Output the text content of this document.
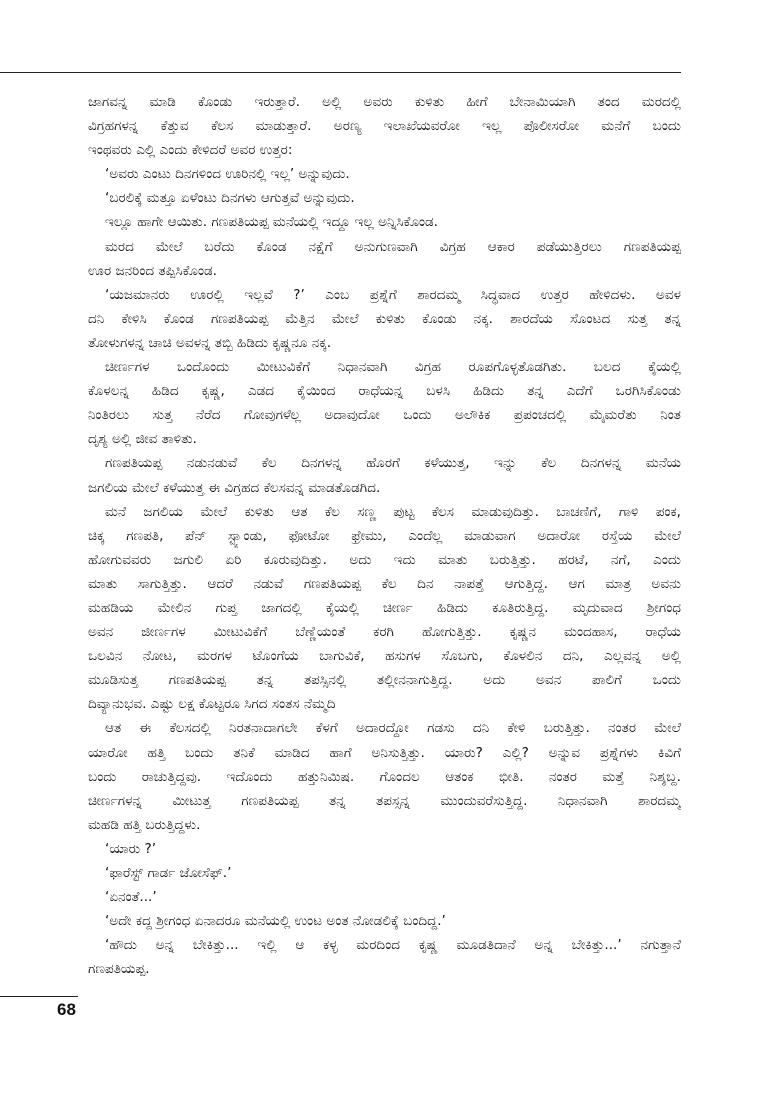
ಜಾಗವನ್ನ ಮಾಡಿ ಕೊಂಡು ಇರುತ್ತಾರೆ. ಅಲ್ಲಿ ಅವರು ಕುಳಿತು ಹೀಗೆ ಬೇನಾಮಿಯಾಗಿ ತಂದ ಮರದಲ್ಲಿ
ವಿಗ್ರಹಗಳನ್ನ ಕೆತ್ತುವ ಕೆಲಸ ಮಾಡುತ್ತಾರೆ. ಅರಣ್ಯ ಇಲಾಖೆಯವರೋ ಇಲ್ಲ ಪೊಲೀಸರೋ ಮನೆಗೆ ಬಂದು
ಇಂಥವರು ಎಲ್ಲಿ ಎಂದು ಕೇಳಿದರೆ ಅವರ ಉತ್ತರ:
‘ಅವರು ಎಂಟು ದಿನಗಳಿಂದ ಊರಿನಲ್ಲಿ ಇಲ್ಲ’ ಅನ್ನುವುದು.
‘ಬರಲಿಕ್ಕೆ ಮತ್ತೂ ಏಳೆಂಟು ದಿನಗಳು ಆಗುತ್ತವೆ ಅನ್ನುವುದು.
ಇಲ್ಲೂ ಹಾಗೇ ಆಯಿತು. ಗಣಪತಿಯಪ್ಪ ಮನೆಯಲ್ಲಿ ಇದ್ದೂ ಇಲ್ಲ ಅನ್ನಿಸಿಕೊಂಡ.
ಮರದ ಮೇಲೆ ಬರೆದು ಕೊಂಡ ನಕ್ಷೆಗೆ ಅನುಗುಣವಾಗಿ ವಿಗ್ರಹ ಆಕಾರ ಪಡೆಯುತ್ತಿರಲು ಗಣಪತಿಯಪ್ಪ
ಊರ ಜನರಿಂದ ತಪ್ಪಿಸಿಕೊಂಡ.
‘ಯಜಮಾನರು ಊರಲ್ಲಿ ಇಲ್ಲವೆ ?’ ಎಂಬ ಪ್ರಶ್ನೆಗೆ ಶಾರದಮ್ಮ ಸಿದ್ಧವಾದ ಉತ್ತರ ಹೇಳಿದಳು. ಅವಳ
ದನಿ ಕೇಳಿಸಿ ಕೊಂಡ ಗಣಪತಿಯಪ್ಪ ಮೆತ್ತಿನ ಮೇಲೆ ಕುಳಿತು ಕೊಂಡು ನಕ್ಕ. ಶಾರದೆಯ ಸೊಂಟದ ಸುತ್ತ ತನ್ನ
ತೋಳುಗಳನ್ನ ಚಾಚಿ ಅವಳನ್ನ ತಬ್ಬಿ ಹಿಡಿದು ಕೃಷ್ಣನೂ ನಕ್ಕ.
ಚೀರ್ಣಗಳ ಒಂದೊಂದು ಮೀಟುವಿಕೆಗೆ ನಿಧಾನವಾಗಿ ವಿಗ್ರಹ ರೂಪಗೊಳ್ಳತೊಡಗಿತು. ಬಲದ ಕೈಯಲ್ಲಿ
ಕೊಳಲನ್ನ ಹಿಡಿದ ಕೃಷ್ಣ, ಎಡದ ಕೈಯಿಂದ ರಾಧೆಯನ್ನ ಬಳಸಿ ಹಿಡಿದು ತನ್ನ ಎದೆಗೆ ಒರಗಿಸಿಕೊಂಡು
ನಿಂತಿರಲು ಸುತ್ತ ನೆರೆದ ಗೋವುಗಳೆಲ್ಲ ಅದಾವುದೋ ಒಂದು ಅಲೌಕಿಕ ಪ್ರಪಂಚದಲ್ಲಿ ಮೈಮರೆತು ನಿಂತ
ದೃಶ್ಯ ಅಲ್ಲಿ ಜೀವ ತಾಳಿತು.
ಗಣಪತಿಯಪ್ಪ ನಡುನಡುವೆ ಕೆಲ ದಿನಗಳನ್ನ ಹೊರಗೆ ಕಳೆಯುತ್ತ, ಇನ್ನು ಕೆಲ ದಿನಗಳನ್ನ ಮನೆಯ
ಜಗಲಿಯ ಮೇಲೆ ಕಳೆಯುತ್ತ ಈ ವಿಗ್ರಹದ ಕೆಲಸವನ್ನ ಮಾಡತೊಡಗಿದ.
ಮನೆ ಜಗಲಿಯ ಮೇಲೆ ಕುಳಿತು ಆತ ಕೆಲ ಸಣ್ಣ ಪುಟ್ಟ ಕೆಲಸ ಮಾಡುವುದಿತ್ತು. ಬಾಚಣಿಗೆ, ಗಾಳಿ ಪಂಕ,
ಚಿಕ್ಕ ಗಣಪತಿ, ಪೆನ್ ಸ್ಟ್ಯಾಂಡು, ಫೋಟೋ ಫ್ರೇಮು, ಎಂದೆಲ್ಲ ಮಾಡುವಾಗ ಅದಾರೋ ರಸ್ತೆಯ ಮೇಲೆ
ಹೋಗುವವರು ಜಗುಲಿ ಏರಿ ಕೂರುವುದಿತ್ತು. ಅದು ಇದು ಮಾತು ಬರುತ್ತಿತ್ತು. ಹರಟೆ, ನಗೆ, ಎಂದು
ಮಾತು ಸಾಗುತ್ತಿತ್ತು. ಆದರೆ ನಡುವೆ ಗಣಪತಿಯಪ್ಪ ಕೆಲ ದಿನ ನಾಪತ್ತೆ ಆಗುತ್ತಿದ್ದ. ಆಗ ಮಾತ್ರ ಅವನು
ಮಹಡಿಯ ಮೇಲಿನ ಗುಪ್ತ ಜಾಗದಲ್ಲಿ ಕೈಯಲ್ಲಿ ಚೀರ್ಣ ಹಿಡಿದು ಕೂತಿರುತ್ತಿದ್ದ. ಮೃದುವಾದ ಶ್ರೀಗಂಧ
ಅವನ ಜೀರ್ಣಗಳ ಮೀಟುವಿಕೆಗೆ ಬೆಣ್ಣೆಯಂತೆ ಕರಗಿ ಹೋಗುತ್ತಿತ್ತು. ಕೃಷ್ಣನ ಮಂದಹಾಸ, ರಾಧೆಯ
ಒಲವಿನ ನೋಟ, ಮರಗಳ ಟೊಂಗೆಯ ಬಾಗುವಿಕೆ, ಹಸುಗಳ ಸೊಬಗು, ಕೊಳಲಿನ ದನಿ, ಎಲ್ಲವನ್ನ ಅಲ್ಲಿ
ಮೂಡಿಸುತ್ತ ಗಣಪತಿಯಪ್ಪ ತನ್ನ ತಪಸ್ಸಿನಲ್ಲಿ ತಲ್ಲೀನನಾಗುತ್ತಿದ್ದ. ಅದು ಅವನ ಪಾಲಿಗೆ ಒಂದು
ದಿವ್ಯಾನುಭವ. ಎಷ್ಟು ಲಕ್ಷ ಕೊಟ್ಟರೂ ಸಿಗದ ಸಂತಸ ನೆಮ್ಮದಿ
ಆತ ಈ ಕೆಲಸದಲ್ಲಿ ನಿರತನಾದಾಗಲೇ ಕೆಳಗೆ ಅದಾರದ್ದೋ ಗಡಸು ದನಿ ಕೇಳಿ ಬರುತ್ತಿತ್ತು. ನಂತರ ಮೇಲೆ
ಯಾರೋ ಹತ್ತಿ ಬಂದು ತನಿಕೆ ಮಾಡಿದ ಹಾಗೆ ಅನಿಸುತ್ತಿತ್ತು. ಯಾರು? ಎಲ್ಲಿ? ಅನ್ನುವ ಪ್ರಶ್ನೆಗಳು ಕಿವಿಗೆ
ಬಂದು ರಾಚುತ್ತಿದ್ದವು. ಇದೊಂದು ಹತ್ತುನಿಮಿಷ. ಗೊಂದಲ ಆತಂಕ ಭೀತಿ. ನಂತರ ಮತ್ತೆ ನಿಶ್ಶಬ್ದ.
ಚೀರ್ಣಗಳನ್ನ ಮೀಟುತ್ತ ಗಣಪತಿಯಪ್ಪ ತನ್ನ ತಪಸ್ಸನ್ನ ಮುಂದುವರೆಸುತ್ತಿದ್ದ. ನಿಧಾನವಾಗಿ ಶಾರದಮ್ಮ
ಮಹಡಿ ಹತ್ತಿ ಬರುತ್ತಿದ್ದಳು.
‘ಯಾರು ?’
‘ಫಾರೆಸ್ಟ್ ಗಾರ್ಡ ಜೋಸೆಫ್.’
‘ಏನಂತೆ...’
‘ಅದೇ ಕದ್ದ ಶ್ರೀಗಂಧ ಏನಾದರೂ ಮನೆಯಲ್ಲಿ ಉಂಟ ಅಂತ ನೋಡಲಿಕ್ಕೆ ಬಂದಿದ್ದ.’
‘ಹೌದು ಅನ್ನ ಬೇಕಿತ್ತು... ಇಲ್ಲಿ ಆ ಕಳ್ಳ ಮರದಿಂದ ಕೃಷ್ಣ ಮೂಡತಿದಾನೆ ಅನ್ನ ಬೇಕಿತ್ತು...’ ನಗುತ್ತಾನೆ
ಗಣಪತಿಯಪ್ಪ.
68
